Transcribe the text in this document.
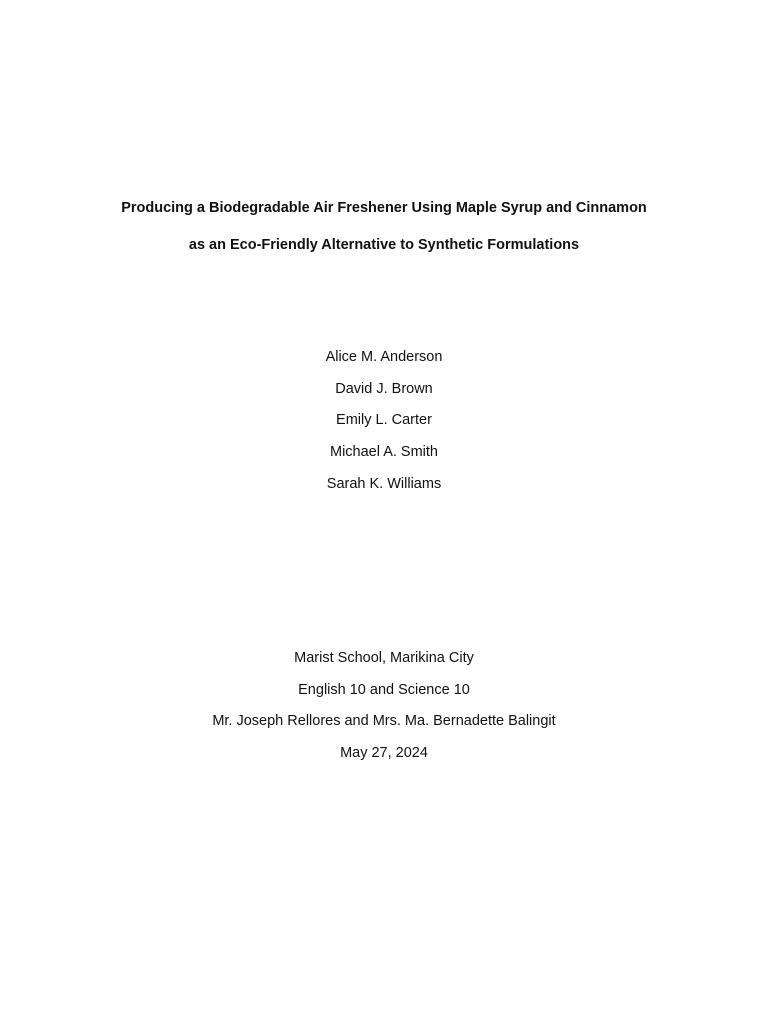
Producing a Biodegradable Air Freshener Using Maple Syrup and Cinnamon

as an Eco-Friendly Alternative to Synthetic Formulations

Alice M. Anderson

David J. Brown

Emily L. Carter

Michael A. Smith

Sarah K. Williams

Marist School, Marikina City

English 10 and Science 10

Mr. Joseph Rellores and Mrs. Ma. Bernadette Balingit

May 27, 2024
